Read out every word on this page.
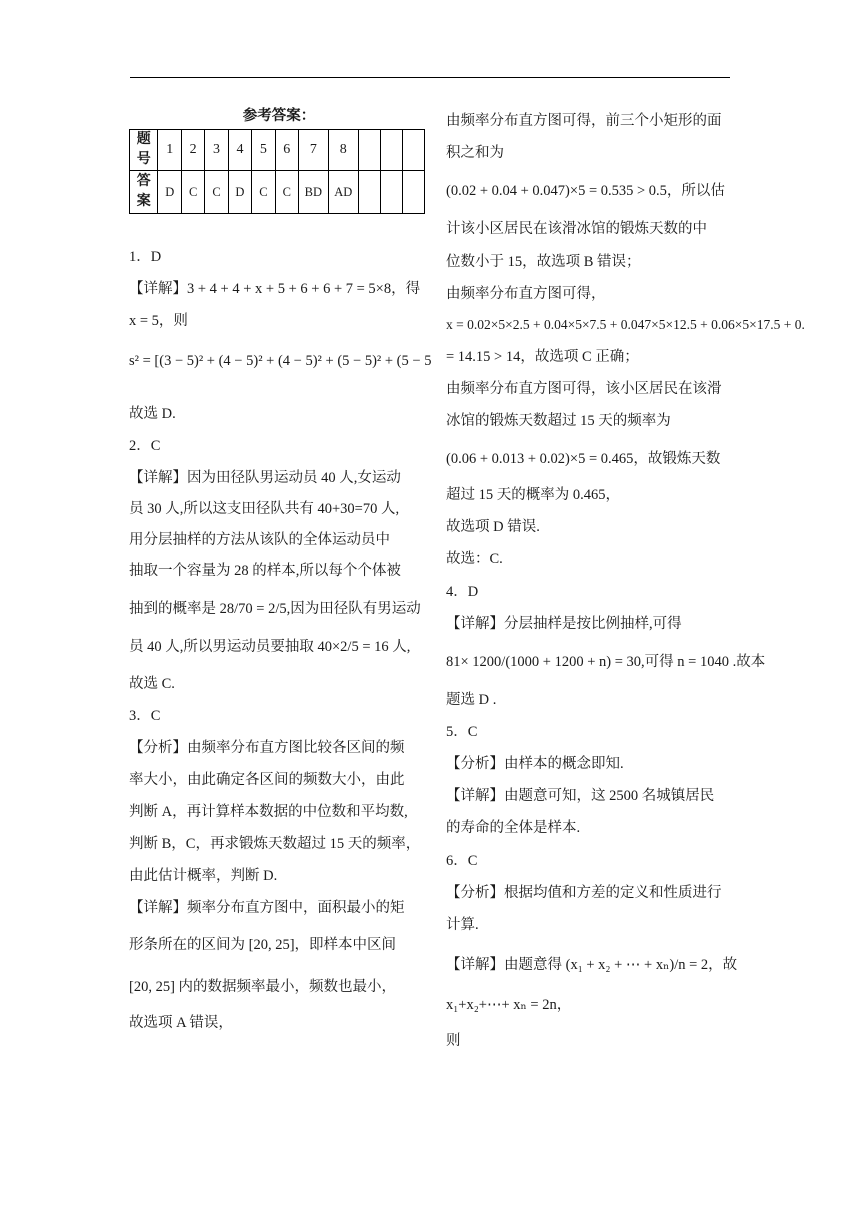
参考答案：
题号	1	2	3	4	5	6	7	8			
答案	D	C	C	D	C	C	BD	AD			
1．D
【详解】3 + 4 + 4 + x + 5 + 6 + 6 + 7 = 5×8，得
x = 5，则
s² = [(3 − 5)² + (4 − 5)² + (4 − 5)² + (5 − 5)² + (5 − 5
故选 D.
2．C
【详解】因为田径队男运动员 40 人,女运动
员 30 人,所以这支田径队共有 40+30=70 人,
用分层抽样的方法从该队的全体运动员中
抽取一个容量为 28 的样本,所以每个个体被
抽到的概率是 28/70 = 2/5,因为田径队有男运动
员 40 人,所以男运动员要抽取 40×2/5 = 16 人,
故选 C.
3．C
【分析】由频率分布直方图比较各区间的频
率大小，由此确定各区间的频数大小，由此
判断 A，再计算样本数据的中位数和平均数,
判断 B，C，再求锻炼天数超过 15 天的频率，
由此估计概率，判断 D.
【详解】频率分布直方图中，面积最小的矩
形条所在的区间为 [20, 25]，即样本中区间
[20, 25] 内的数据频率最小，频数也最小，
故选项 A 错误，
由频率分布直方图可得，前三个小矩形的面
积之和为
(0.02 + 0.04 + 0.047)×5 = 0.535 > 0.5，所以估
计该小区居民在该滑冰馆的锻炼天数的中
位数小于 15，故选项 B 错误；
由频率分布直方图可得，
x = 0.02×5×2.5 + 0.04×5×7.5 + 0.047×5×12.5 + 0.06×5×17.5 + 0.
= 14.15 > 14，故选项 C 正确；
由频率分布直方图可得，该小区居民在该滑
冰馆的锻炼天数超过 15 天的频率为
(0.06 + 0.013 + 0.02)×5 = 0.465，故锻炼天数
超过 15 天的概率为 0.465，
故选项 D 错误.
故选：C.
4．D
【详解】分层抽样是按比例抽样,可得
81× 1200/(1000 + 1200 + n) = 30,可得 n = 1040 .故本
题选 D .
5．C
【分析】由样本的概念即知.
【详解】由题意可知，这 2500 名城镇居民
的寿命的全体是样本.
6．C
【分析】根据均值和方差的定义和性质进行
计算.
【详解】由题意得 (x₁ + x₂ + ⋯ + xₙ)/n = 2，故
x₁+x₂+⋯+ xₙ = 2n，
则
